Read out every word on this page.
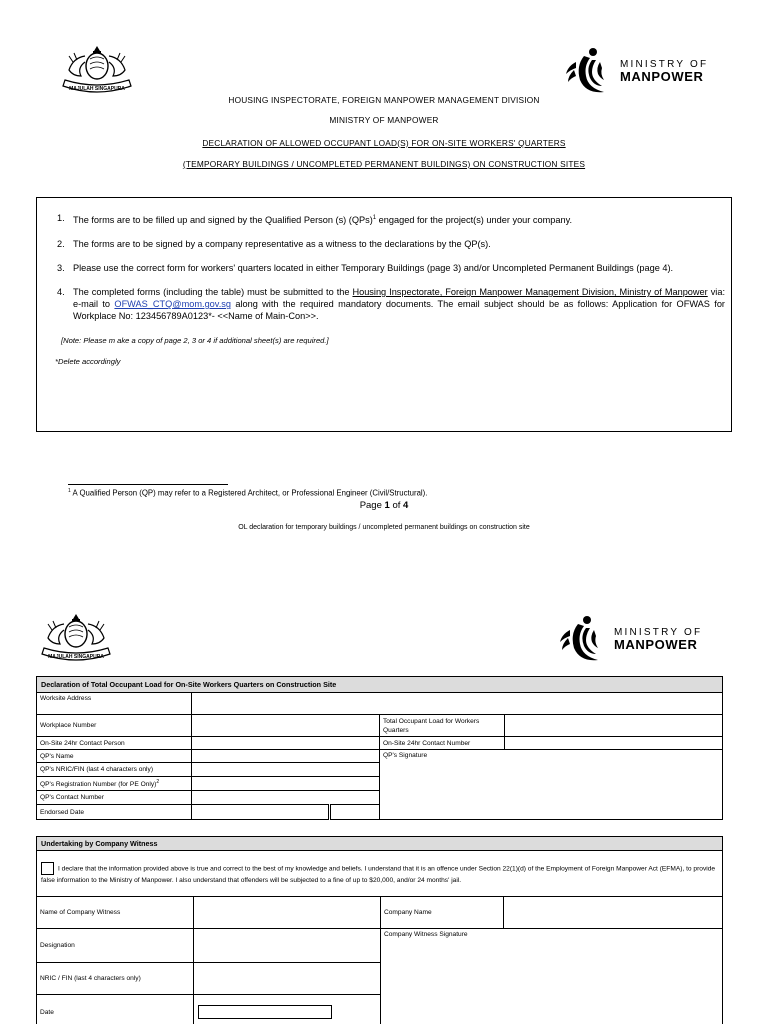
MAJULAH SINGAPURA
MINISTRY OF
MANPOWER
HOUSING INSPECTORATE, FOREIGN MANPOWER MANAGEMENT DIVISION
MINISTRY OF MANPOWER
DECLARATION OF ALLOWED OCCUPANT LOAD(S) FOR ON-SITE WORKERS' QUARTERS
(TEMPORARY BUILDINGS / UNCOMPLETED PERMANENT BUILDINGS) ON CONSTRUCTION SITES
1. The forms are to be filled up and signed by the Qualified Person (s) (QPs)$^1$ engaged for the project(s) under your company.
2. The forms are to be signed by a company representative as a witness to the declarations by the QP(s).
3. Please use the correct form for workers' quarters located in either Temporary Buildings (page 3) and/or Uncompleted Permanent Buildings (page 4).
4. The completed forms (including the table) must be submitted to the Housing Inspectorate, Foreign Manpower Management Division, Ministry of Manpower via: e-mail to OFWAS_CTQ@mom.gov.sg along with the required mandatory documents. The email subject should be as follows: Application for OFWAS for Workplace No: 123456789A0123*- <<Name of Main-Con>>.
[Note: Please m ake a copy of page 2, 3 or 4 if additional sheet(s) are required.]
*Delete accordingly
$^1$ A Qualified Person (QP) may refer to a Registered Architect, or Professional Engineer (Civil/Structural).
Page 1 of 4
OL declaration for temporary buildings / uncompleted permanent buildings on construction site
MAJULAH SINGAPURA
MINISTRY OF
MANPOWER
Declaration of Total Occupant Load for On-Site Workers Quarters on Construction Site				
Worksite Address				
Workplace Number			Total Occupant Load for Workers Quarters	
On-Site 24hr Contact Person			On-Site 24hr Contact Number	
QP's Name			QP's Signature	
QP's NRIC/FIN (last 4 characters only)				
QP's Registration Number (for PE Only)$^2$	
QP's Contact Number				
Endorsed Date				
Undertaking by Company Witness			
I declare that the information provided above is true and correct to the best of my knowledge and beliefs. I understand that it is an offence under Section 22(1)(d) of the Employment of Foreign Manpower Act (EFMA), to provide false information to the Ministry of Manpower. I also understand that offenders will be subjected to a fine of up to $20,000, and/or 24 months' jail.			
Name of Company Witness		Company Name	
Designation		Company Witness Signature	
NRIC / FIN (last 4 characters only)			
Date			
